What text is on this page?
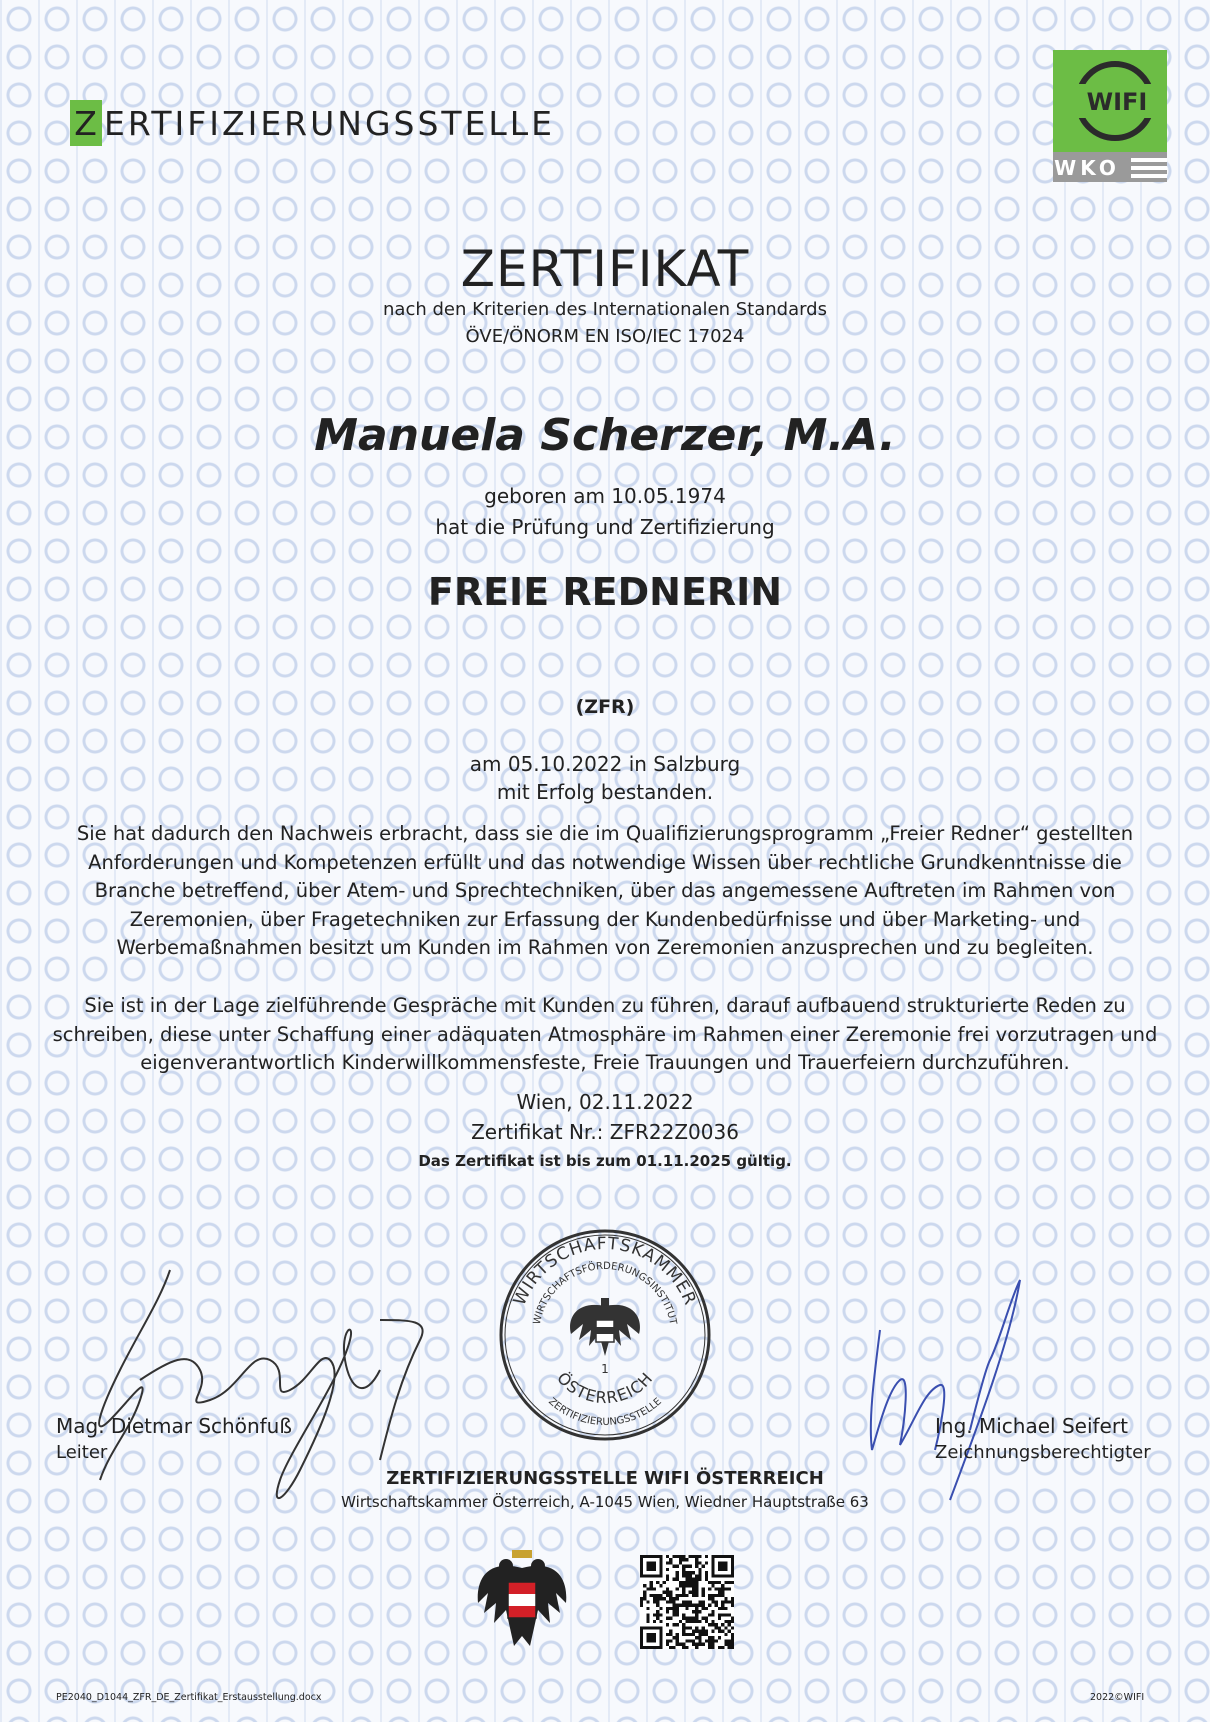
Z ERTIFIZIERUNGSSTELLE
WIFI
WKO
ZERTIFIKAT
nach den Kriterien des Internationalen Standards
ÖVE/ÖNORM EN ISO/IEC 17024
Manuela Scherzer, M.A.
geboren am 10.05.1974
hat die Prüfung und Zertifizierung
FREIE REDNERIN
(ZFR)
am 05.10.2022 in Salzburg
mit Erfolg bestanden.
Sie hat dadurch den Nachweis erbracht, dass sie die im Qualifizierungsprogramm „Freier Redner“ gestellten Anforderungen und Kompetenzen erfüllt und das notwendige Wissen über rechtliche Grundkenntnisse die Branche betreffend, über Atem- und Sprechtechniken, über das angemessene Auftreten im Rahmen von Zeremonien, über Fragetechniken zur Erfassung der Kundenbedürfnisse und über Marketing- und Werbemaßnahmen besitzt um Kunden im Rahmen von Zeremonien anzusprechen und zu begleiten.
Sie ist in der Lage zielführende Gespräche mit Kunden zu führen, darauf aufbauend strukturierte Reden zu schreiben, diese unter Schaffung einer adäquaten Atmosphäre im Rahmen einer Zeremonie frei vorzutragen und eigenverantwortlich Kinderwillkommensfeste, Freie Trauungen und Trauerfeiern durchzuführen.
Wien, 02.11.2022
Zertifikat Nr.: ZFR22Z0036
Das Zertifikat ist bis zum 01.11.2025 gültig.
WIRTSCHAFTSKAMMER
WIRTSCHAFTSFÖRDERUNGSINSTITUT
1
ÖSTERREICH
ZERTIFIZIERUNGSSTELLE
Mag. Dietmar Schönfuß
Leiter
Ing. Michael Seifert
Zeichnungsberechtigter
ZERTIFIZIERUNGSSTELLE WIFI ÖSTERREICH
Wirtschaftskammer Österreich, A-1045 Wien, Wiedner Hauptstraße 63
PE2040_D1044_ZFR_DE_Zertifikat_Erstausstellung.docx	2022©WIFI
